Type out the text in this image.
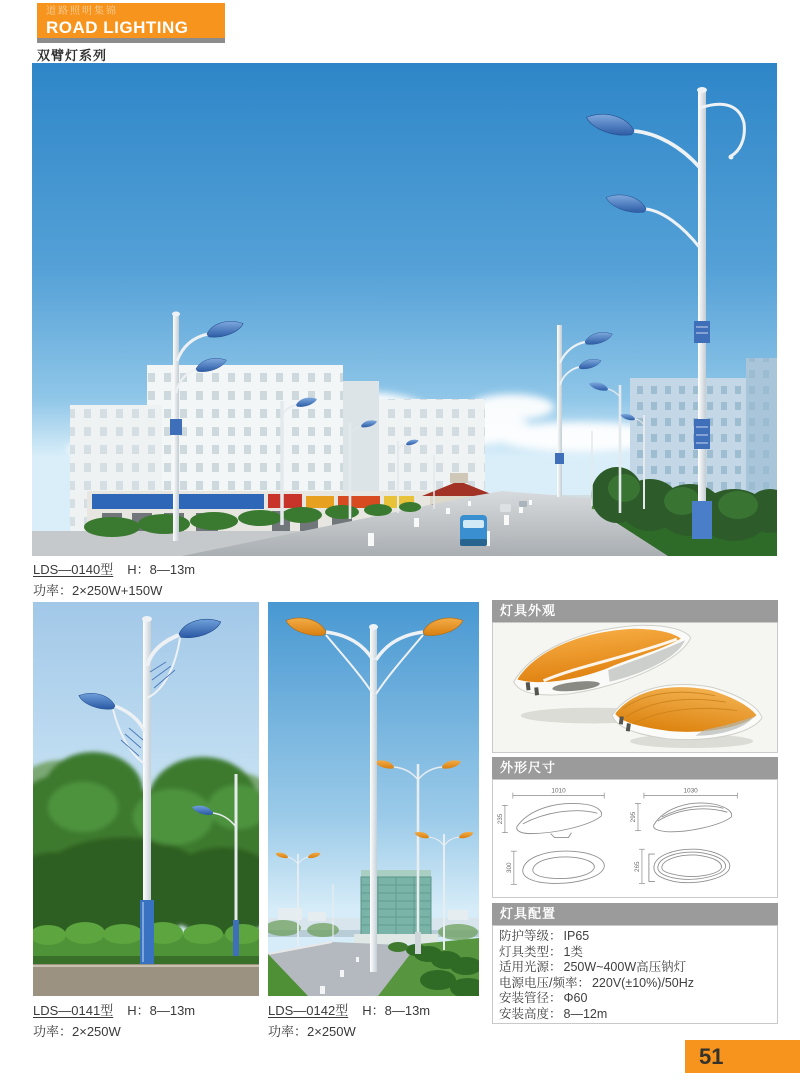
道路照明集锦
ROAD LIGHTING
双臂灯系列
LDS—0140型 H：8—13m
功率：2×250W+150W
LDS—0141型 H：8—13m
功率：2×250W
LDS—0142型 H：8—13m
功率：2×250W
灯具外观
外形尺寸
1010
235
300
1030
295
265
灯具配置
防护等级： IP65
灯具类型： 1类
适用光源： 250W~400W高压钠灯
电源电压/频率： 220V(±10%)/50Hz
安装管径： Φ60
安装高度： 8—12m
51
